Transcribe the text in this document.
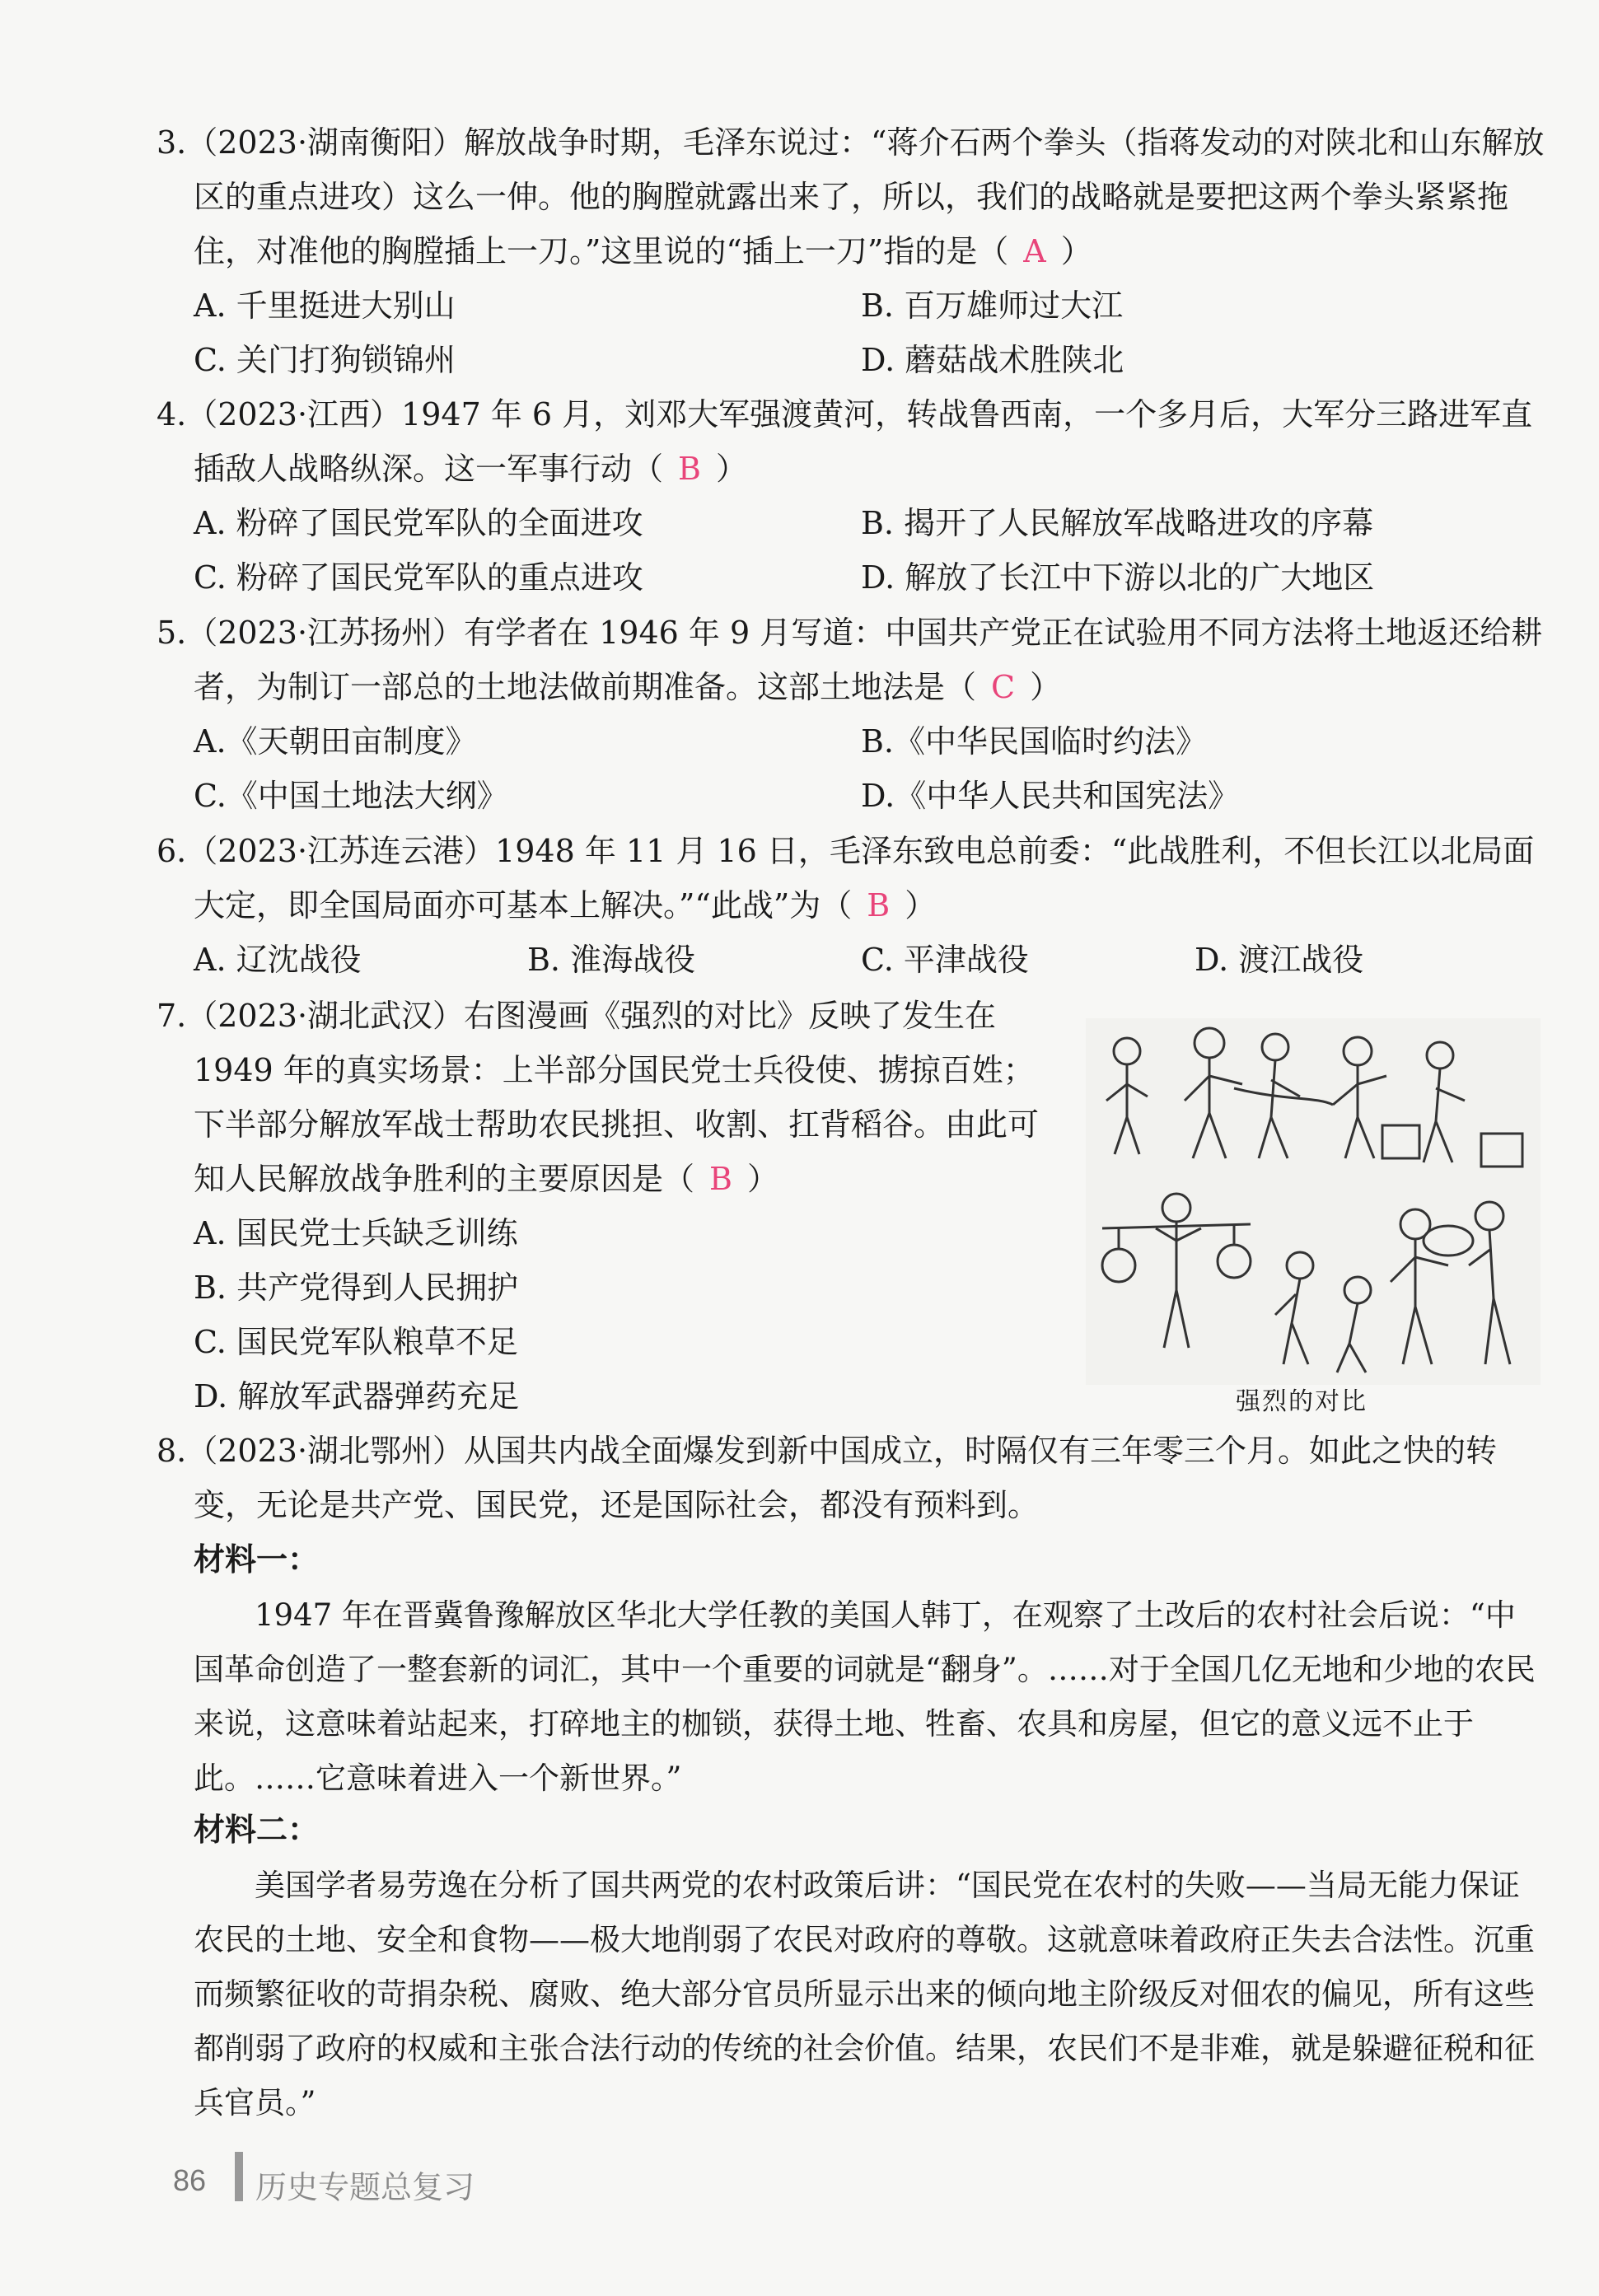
3.（2023·湖南衡阳）解放战争时期，毛泽东说过：“蒋介石两个拳头（指蒋发动的对陕北和山东解放区的重点进攻）这么一伸。他的胸膛就露出来了，所以，我们的战略就是要把这两个拳头紧紧拖住，对准他的胸膛插上一刀。”这里说的“插上一刀”指的是（ A ）

A. 千里挺进大别山	B. 百万雄师过大江
C. 关门打狗锁锦州	D. 蘑菇战术胜陕北

4.（2023·江西）1947 年 6 月，刘邓大军强渡黄河，转战鲁西南，一个多月后，大军分三路进军直插敌人战略纵深。这一军事行动（ B ）

A. 粉碎了国民党军队的全面进攻	B. 揭开了人民解放军战略进攻的序幕
C. 粉碎了国民党军队的重点进攻	D. 解放了长江中下游以北的广大地区

5.（2023·江苏扬州）有学者在 1946 年 9 月写道：中国共产党正在试验用不同方法将土地返还给耕者，为制订一部总的土地法做前期准备。这部土地法是（ C ）

A.《天朝田亩制度》	B.《中华民国临时约法》
C.《中国土地法大纲》	D.《中华人民共和国宪法》

6.（2023·江苏连云港）1948 年 11 月 16 日，毛泽东致电总前委：“此战胜利，不但长江以北局面大定，即全国局面亦可基本上解决。”“此战”为（ B ）

A. 辽沈战役	B. 淮海战役	C. 平津战役	D. 渡江战役

7.（2023·湖北武汉）右图漫画《强烈的对比》反映了发生在1949 年的真实场景：上半部分国民党士兵役使、掳掠百姓；下半部分解放军战士帮助农民挑担、收割、扛背稻谷。由此可知人民解放战争胜利的主要原因是（ B ）

A. 国民党士兵缺乏训练
B. 共产党得到人民拥护
C. 国民党军队粮草不足
D. 解放军武器弹药充足	强烈的对比

8.（2023·湖北鄂州）从国共内战全面爆发到新中国成立，时隔仅有三年零三个月。如此之快的转变，无论是共产党、国民党，还是国际社会，都没有预料到。

材料一：
1947 年在晋冀鲁豫解放区华北大学任教的美国人韩丁，在观察了土改后的农村社会后说：“中国革命创造了一整套新的词汇，其中一个重要的词就是“翻身”。……对于全国几亿无地和少地的农民来说，这意味着站起来，打碎地主的枷锁，获得土地、牲畜、农具和房屋，但它的意义远不止于此。……它意味着进入一个新世界。”
材料二：
美国学者易劳逸在分析了国共两党的农村政策后讲：“国民党在农村的失败——当局无能力保证农民的土地、安全和食物——极大地削弱了农民对政府的尊敬。这就意味着政府正失去合法性。沉重而频繁征收的苛捐杂税、腐败、绝大部分官员所显示出来的倾向地主阶级反对佃农的偏见，所有这些都削弱了政府的权威和主张合法行动的传统的社会价值。结果，农民们不是非难，就是躲避征税和征兵官员。”
86 历史专题总复习
